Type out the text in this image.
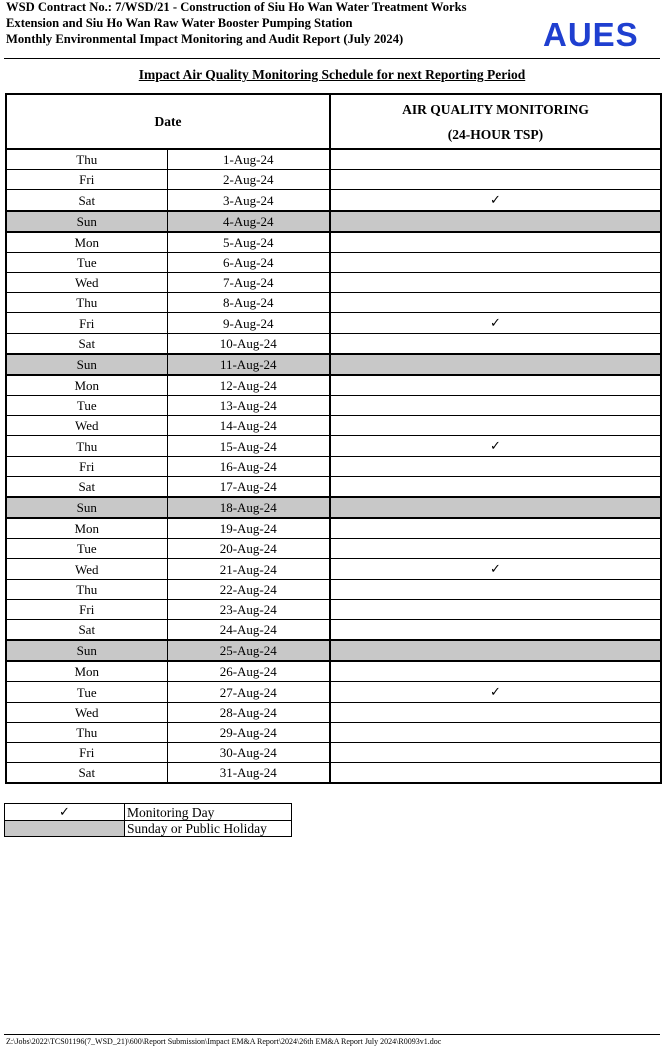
WSD Contract No.: 7/WSD/21 - Construction of Siu Ho Wan Water Treatment Works
Extension and Siu Ho Wan Raw Water Booster Pumping Station
Monthly Environmental Impact Monitoring and Audit Report (July 2024)	AUES
Impact Air Quality Monitoring Schedule for next Reporting Period
Date		AIR QUALITY MONITORING
(24-HOUR TSP)

Thu	1-Aug-24	
Fri	2-Aug-24	
Sat	3-Aug-24	✓
Sun	4-Aug-24	
Mon	5-Aug-24	
Tue	6-Aug-24	
Wed	7-Aug-24	
Thu	8-Aug-24	
Fri	9-Aug-24	✓
Sat	10-Aug-24	
Sun	11-Aug-24	
Mon	12-Aug-24	
Tue	13-Aug-24	
Wed	14-Aug-24	
Thu	15-Aug-24	✓
Fri	16-Aug-24	
Sat	17-Aug-24	
Sun	18-Aug-24	
Mon	19-Aug-24	
Tue	20-Aug-24	
Wed	21-Aug-24	✓
Thu	22-Aug-24	
Fri	23-Aug-24	
Sat	24-Aug-24	
Sun	25-Aug-24	
Mon	26-Aug-24	
Tue	27-Aug-24	✓
Wed	28-Aug-24	
Thu	29-Aug-24	
Fri	30-Aug-24	
Sat	31-Aug-24	
✓	Monitoring Day
	Sunday or Public Holiday
Z:\Jobs\2022\TCS01196(7_WSD_21)\600\Report Submission\Impact EM&A Report\2024\26th EM&A Report July 2024\R0093v1.doc
